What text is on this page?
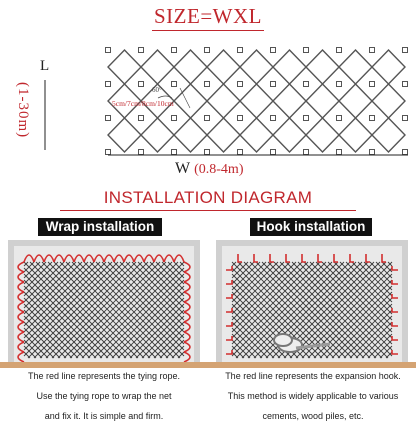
SIZE=WXL
L
(1-30m)	60°
5cm/7cm/8cm/10cm
W (0.8-4m)
INSTALLATION DIAGRAM
Wrap installation	Hook installation
The red line represents the tying rope.
Use the tying rope to wrap the net
and fix it. It is simple and firm.
The red line represents the expansion hook.
This method is widely applicable to various
cements, wood piles, etc.
